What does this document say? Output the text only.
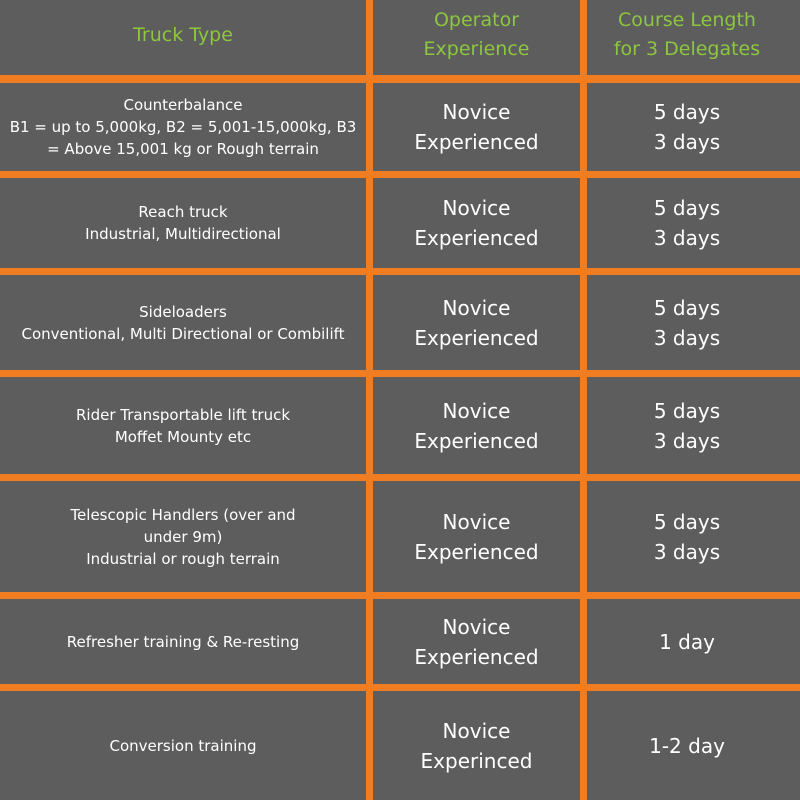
Truck Type
Operator
Experience
Course Length
for 3 Delegates
Counterbalance
B1 = up to 5,000kg, B2 = 5,001-15,000kg, B3
= Above 15,001 kg or Rough terrain
Novice
Experienced
5 days
3 days
Reach truck
Industrial, Multidirectional
Novice
Experienced
5 days
3 days
Sideloaders
Conventional, Multi Directional or Combilift
Novice
Experienced
5 days
3 days
Rider Transportable lift truck
Moffet Mounty etc
Novice
Experienced
5 days
3 days
Telescopic Handlers (over and
under 9m)
Industrial or rough terrain
Novice
Experienced
5 days
3 days
Refresher training & Re-resting
Novice
Experienced
1 day
Conversion training
Novice
Experinced
1-2 day
